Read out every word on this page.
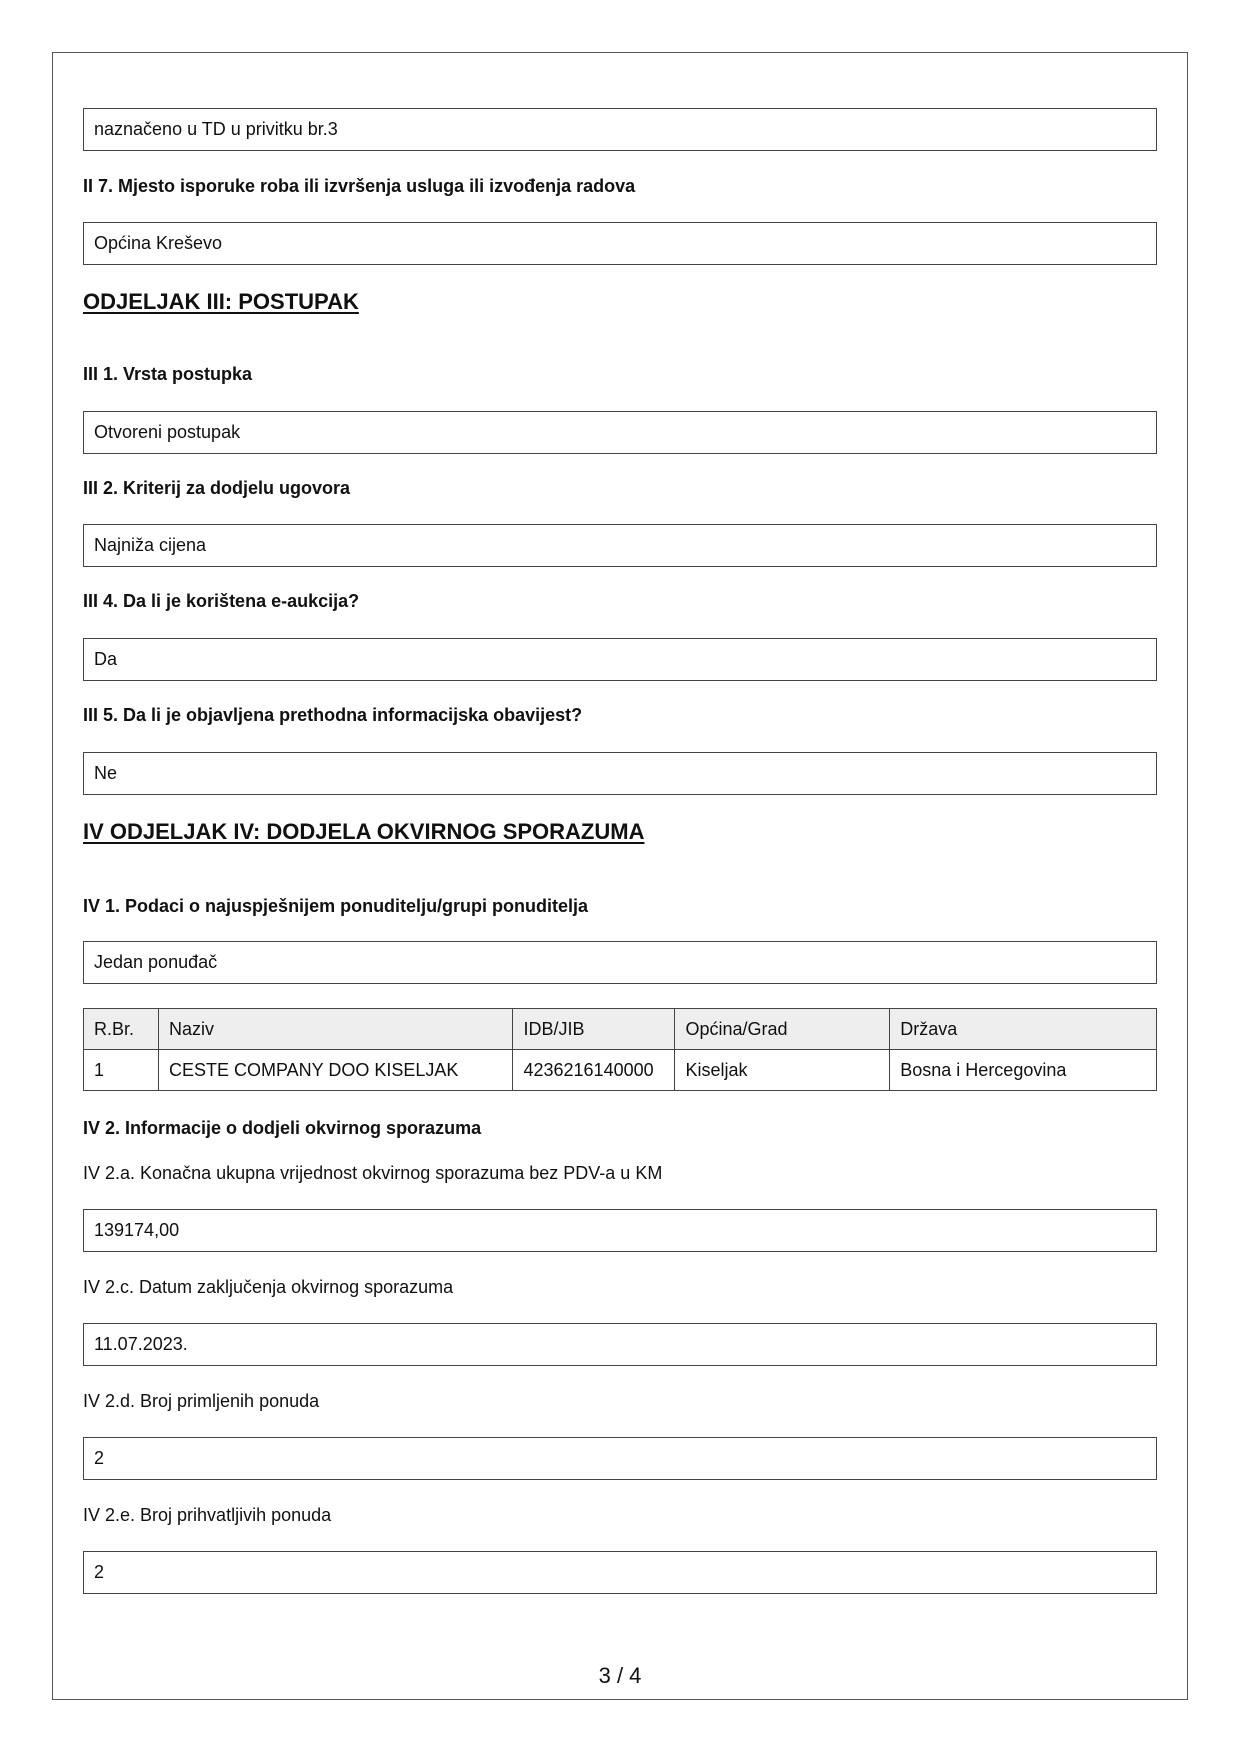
naznačeno u TD u privitku br.3
II 7. Mjesto isporuke roba ili izvršenja usluga ili izvođenja radova
Općina Kreševo
ODJELJAK III: POSTUPAK
III 1. Vrsta postupka
Otvoreni postupak
III 2. Kriterij za dodjelu ugovora
Najniža cijena
III 4. Da li je korištena e-aukcija?
Da
III 5. Da li je objavljena prethodna informacijska obavijest?
Ne
IV ODJELJAK IV: DODJELA OKVIRNOG SPORAZUMA
IV 1. Podaci o najuspješnijem ponuditelju/grupi ponuditelja
Jedan ponuđač
R.Br.	Naziv	IDB/JIB	Općina/Grad	Država
1	CESTE COMPANY DOO KISELJAK	4236216140000	Kiseljak	Bosna i Hercegovina
IV 2. Informacije o dodjeli okvirnog sporazuma
IV 2.a. Konačna ukupna vrijednost okvirnog sporazuma bez PDV-a u KM
139174,00
IV 2.c. Datum zaključenja okvirnog sporazuma
11.07.2023.
IV 2.d. Broj primljenih ponuda
2
IV 2.e. Broj prihvatljivih ponuda
2
3 / 4
